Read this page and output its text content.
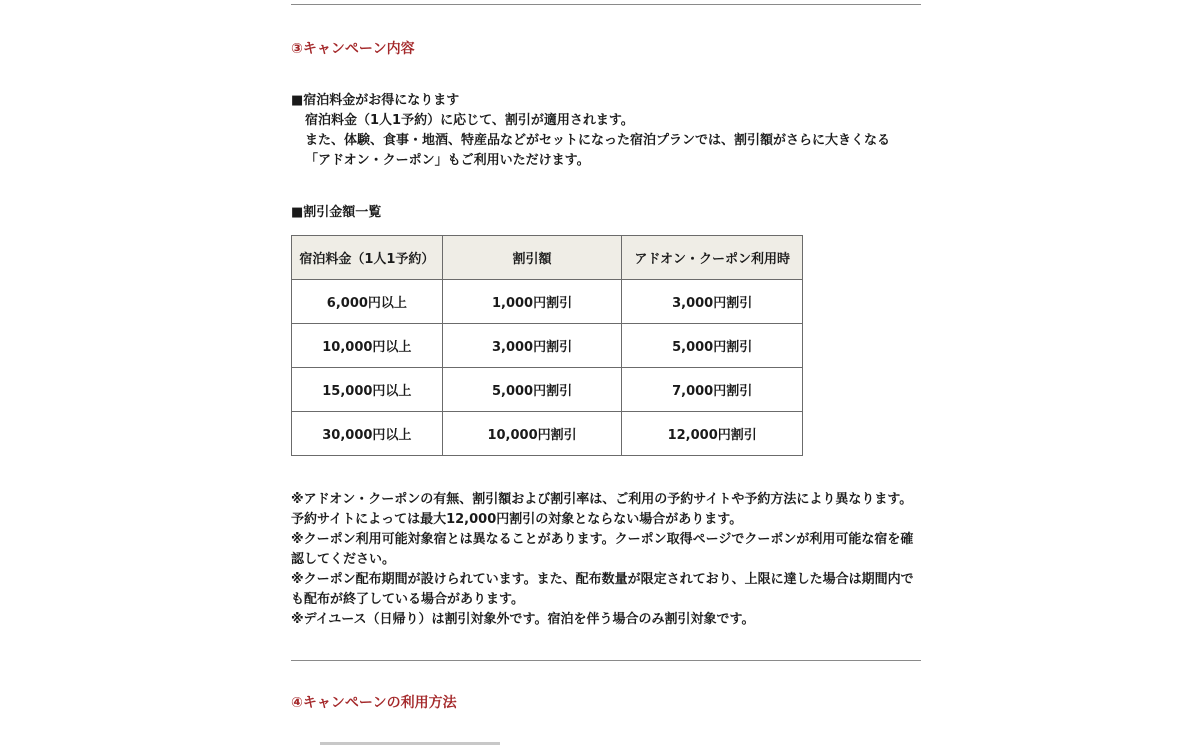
③キャンペーン内容
■宿泊料金がお得になります
宿泊料金（1人1予約）に応じて、割引が適用されます。
また、体験、食事・地酒、特産品などがセットになった宿泊プランでは、割引額がさらに大きくなる
「アドオン・クーポン」もご利用いただけます。
■割引金額一覧
宿泊料金（1人1予約）	割引額	アドオン・クーポン利用時
6,000円以上	1,000円割引	3,000円割引
10,000円以上	3,000円割引	5,000円割引
15,000円以上	5,000円割引	7,000円割引
30,000円以上	10,000円割引	12,000円割引
※アドオン・クーポンの有無、割引額および割引率は、ご利用の予約サイトや予約方法により異なります。予約サイトによっては最大12,000円割引の対象とならない場合があります。
※クーポン利用可能対象宿とは異なることがあります。クーポン取得ページでクーポンが利用可能な宿を確認してください。
※クーポン配布期間が設けられています。また、配布数量が限定されており、上限に達した場合は期間内でも配布が終了している場合があります。
※デイユース（日帰り）は割引対象外です。宿泊を伴う場合のみ割引対象です。
④キャンペーンの利用方法
